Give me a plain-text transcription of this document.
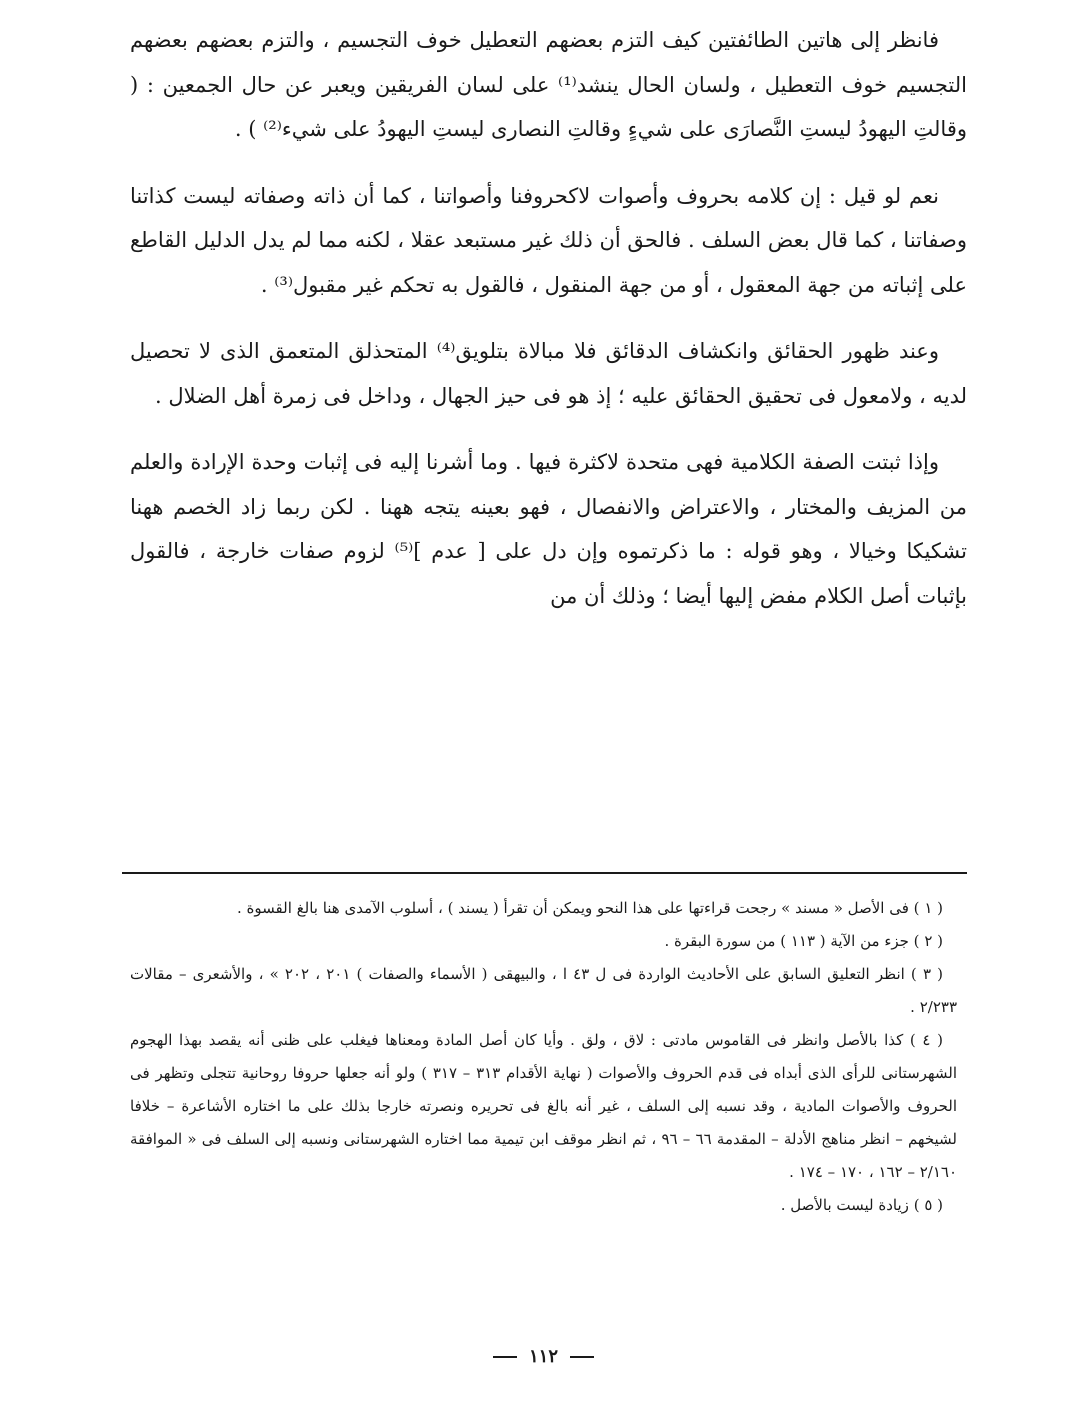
فانظر إلى هاتين الطائفتين كيف التزم بعضهم التعطيل خوف التجسيم ، والتزم بعضهم بعضهم التجسيم خوف التعطيل ، ولسان الحال ينشد⁽¹⁾ على لسان الفريقين ويعبر عن حال الجمعين : ( وقالتِ اليهودُ ليستِ النَّصارَى على شيءٍ وقالتِ النصارى ليستِ اليهودُ على شيء⁽²⁾ ) .

نعم لو قيل : إن كلامه بحروف وأصوات لاكحروفنا وأصواتنا ، كما أن ذاته وصفاته ليست كذاتنا وصفاتنا ، كما قال بعض السلف . فالحق أن ذلك غير مستبعد عقلا ، لكنه مما لم يدل الدليل القاطع على إثباته من جهة المعقول ، أو من جهة المنقول ، فالقول به تحكم غير مقبول⁽³⁾ .

وعند ظهور الحقائق وانكشاف الدقائق فلا مبالاة بتلويق⁽⁴⁾ المتحذلق المتعمق الذى لا تحصيل لديه ، ولامعول فى تحقيق الحقائق عليه ؛ إذ هو فى حيز الجهال ، وداخل فى زمرة أهل الضلال .

وإذا ثبتت الصفة الكلامية فهى متحدة لاكثرة فيها . وما أشرنا إليه فى إثبات وحدة الإرادة والعلم من المزيف والمختار ، والاعتراض والانفصال ، فهو بعينه يتجه ههنا . لكن ربما زاد الخصم ههنا تشكيكا وخيالا ، وهو قوله : ما ذكرتموه وإن دل على [ عدم ]⁽⁵⁾ لزوم صفات خارجة ، فالقول بإثبات أصل الكلام مفض إليها أيضا ؛ وذلك أن من

( ١ ) فى الأصل « مسند » رجحت قراءتها على هذا النحو ويمكن أن تقرأ ( يسند ) ، أسلوب الآمدى هنا بالغ القسوة .

( ٢ ) جزء من الآية ( ١١٣ ) من سورة البقرة .

( ٣ ) انظر التعليق السابق على الأحاديث الواردة فى ل ٤٣ ا ، والبيهقى ( الأسماء والصفات ) ٢٠١ ، ٢٠٢ » ، والأشعرى – مقالات ٢/٢٣٣ .

( ٤ ) كذا بالأصل وانظر فى القاموس مادتى : لاق ، ولق . وأيا كان أصل المادة ومعناها فيغلب على ظنى أنه يقصد بهذا الهجوم الشهرستانى للرأى الذى أبداه فى قدم الحروف والأصوات ( نهاية الأقدام ٣١٣ – ٣١٧ ) ولو أنه جعلها حروفا روحانية تتجلى وتظهر فى الحروف والأصوات المادية ، وقد نسبه إلى السلف ، غير أنه بالغ فى تحريره ونصرته خارجا بذلك على ما اختاره الأشاعرة – خلافا لشيخهم – انظر مناهج الأدلة – المقدمة ٦٦ – ٩٦ ، ثم انظر موقف ابن تيمية مما اختاره الشهرستانى ونسبه إلى السلف فى « الموافقة ٢/١٦٠ – ١٦٢ ، ١٧٠ – ١٧٤ .

( ٥ ) زيادة ليست بالأصل .

١١٢
